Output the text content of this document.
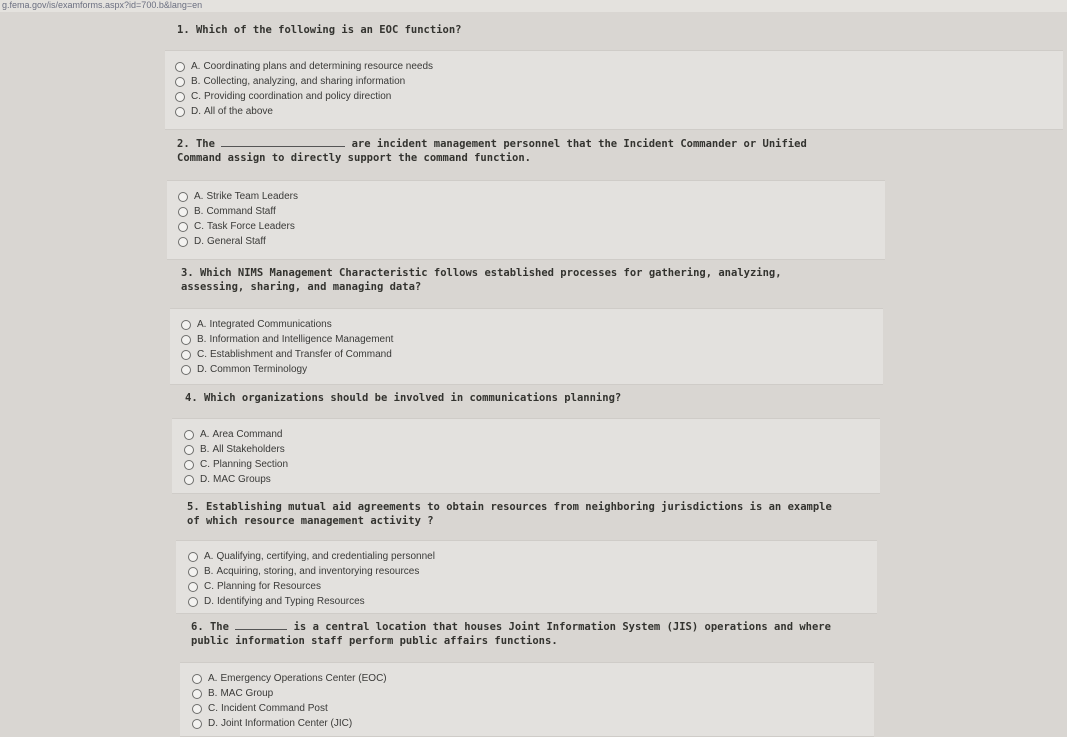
g.fema.gov/is/examforms.aspx?id=700.b&lang=en
1. Which of the following is an EOC function?
A. Coordinating plans and determining resource needs
B. Collecting, analyzing, and sharing information
C. Providing coordination and policy direction
D. All of the above
2. The	are incident management personnel that the Incident Commander or Unified
Command assign to directly support the command function.
A. Strike Team Leaders
B. Command Staff
C. Task Force Leaders
D. General Staff
3. Which NIMS Management Characteristic follows established processes for gathering, analyzing,
assessing, sharing, and managing data?
A. Integrated Communications
B. Information and Intelligence Management
C. Establishment and Transfer of Command
D. Common Terminology
4. Which organizations should be involved in communications planning?
A. Area Command
B. All Stakeholders
C. Planning Section
D. MAC Groups
5. Establishing mutual aid agreements to obtain resources from neighboring jurisdictions is an example
of which resource management activity ?
A. Qualifying, certifying, and credentialing personnel
B. Acquiring, storing, and inventorying resources
C. Planning for Resources
D. Identifying and Typing Resources
6. The	is a central location that houses Joint Information System (JIS) operations and where
public information staff perform public affairs functions.
A. Emergency Operations Center (EOC)
B. MAC Group
C. Incident Command Post
D. Joint Information Center (JIC)
